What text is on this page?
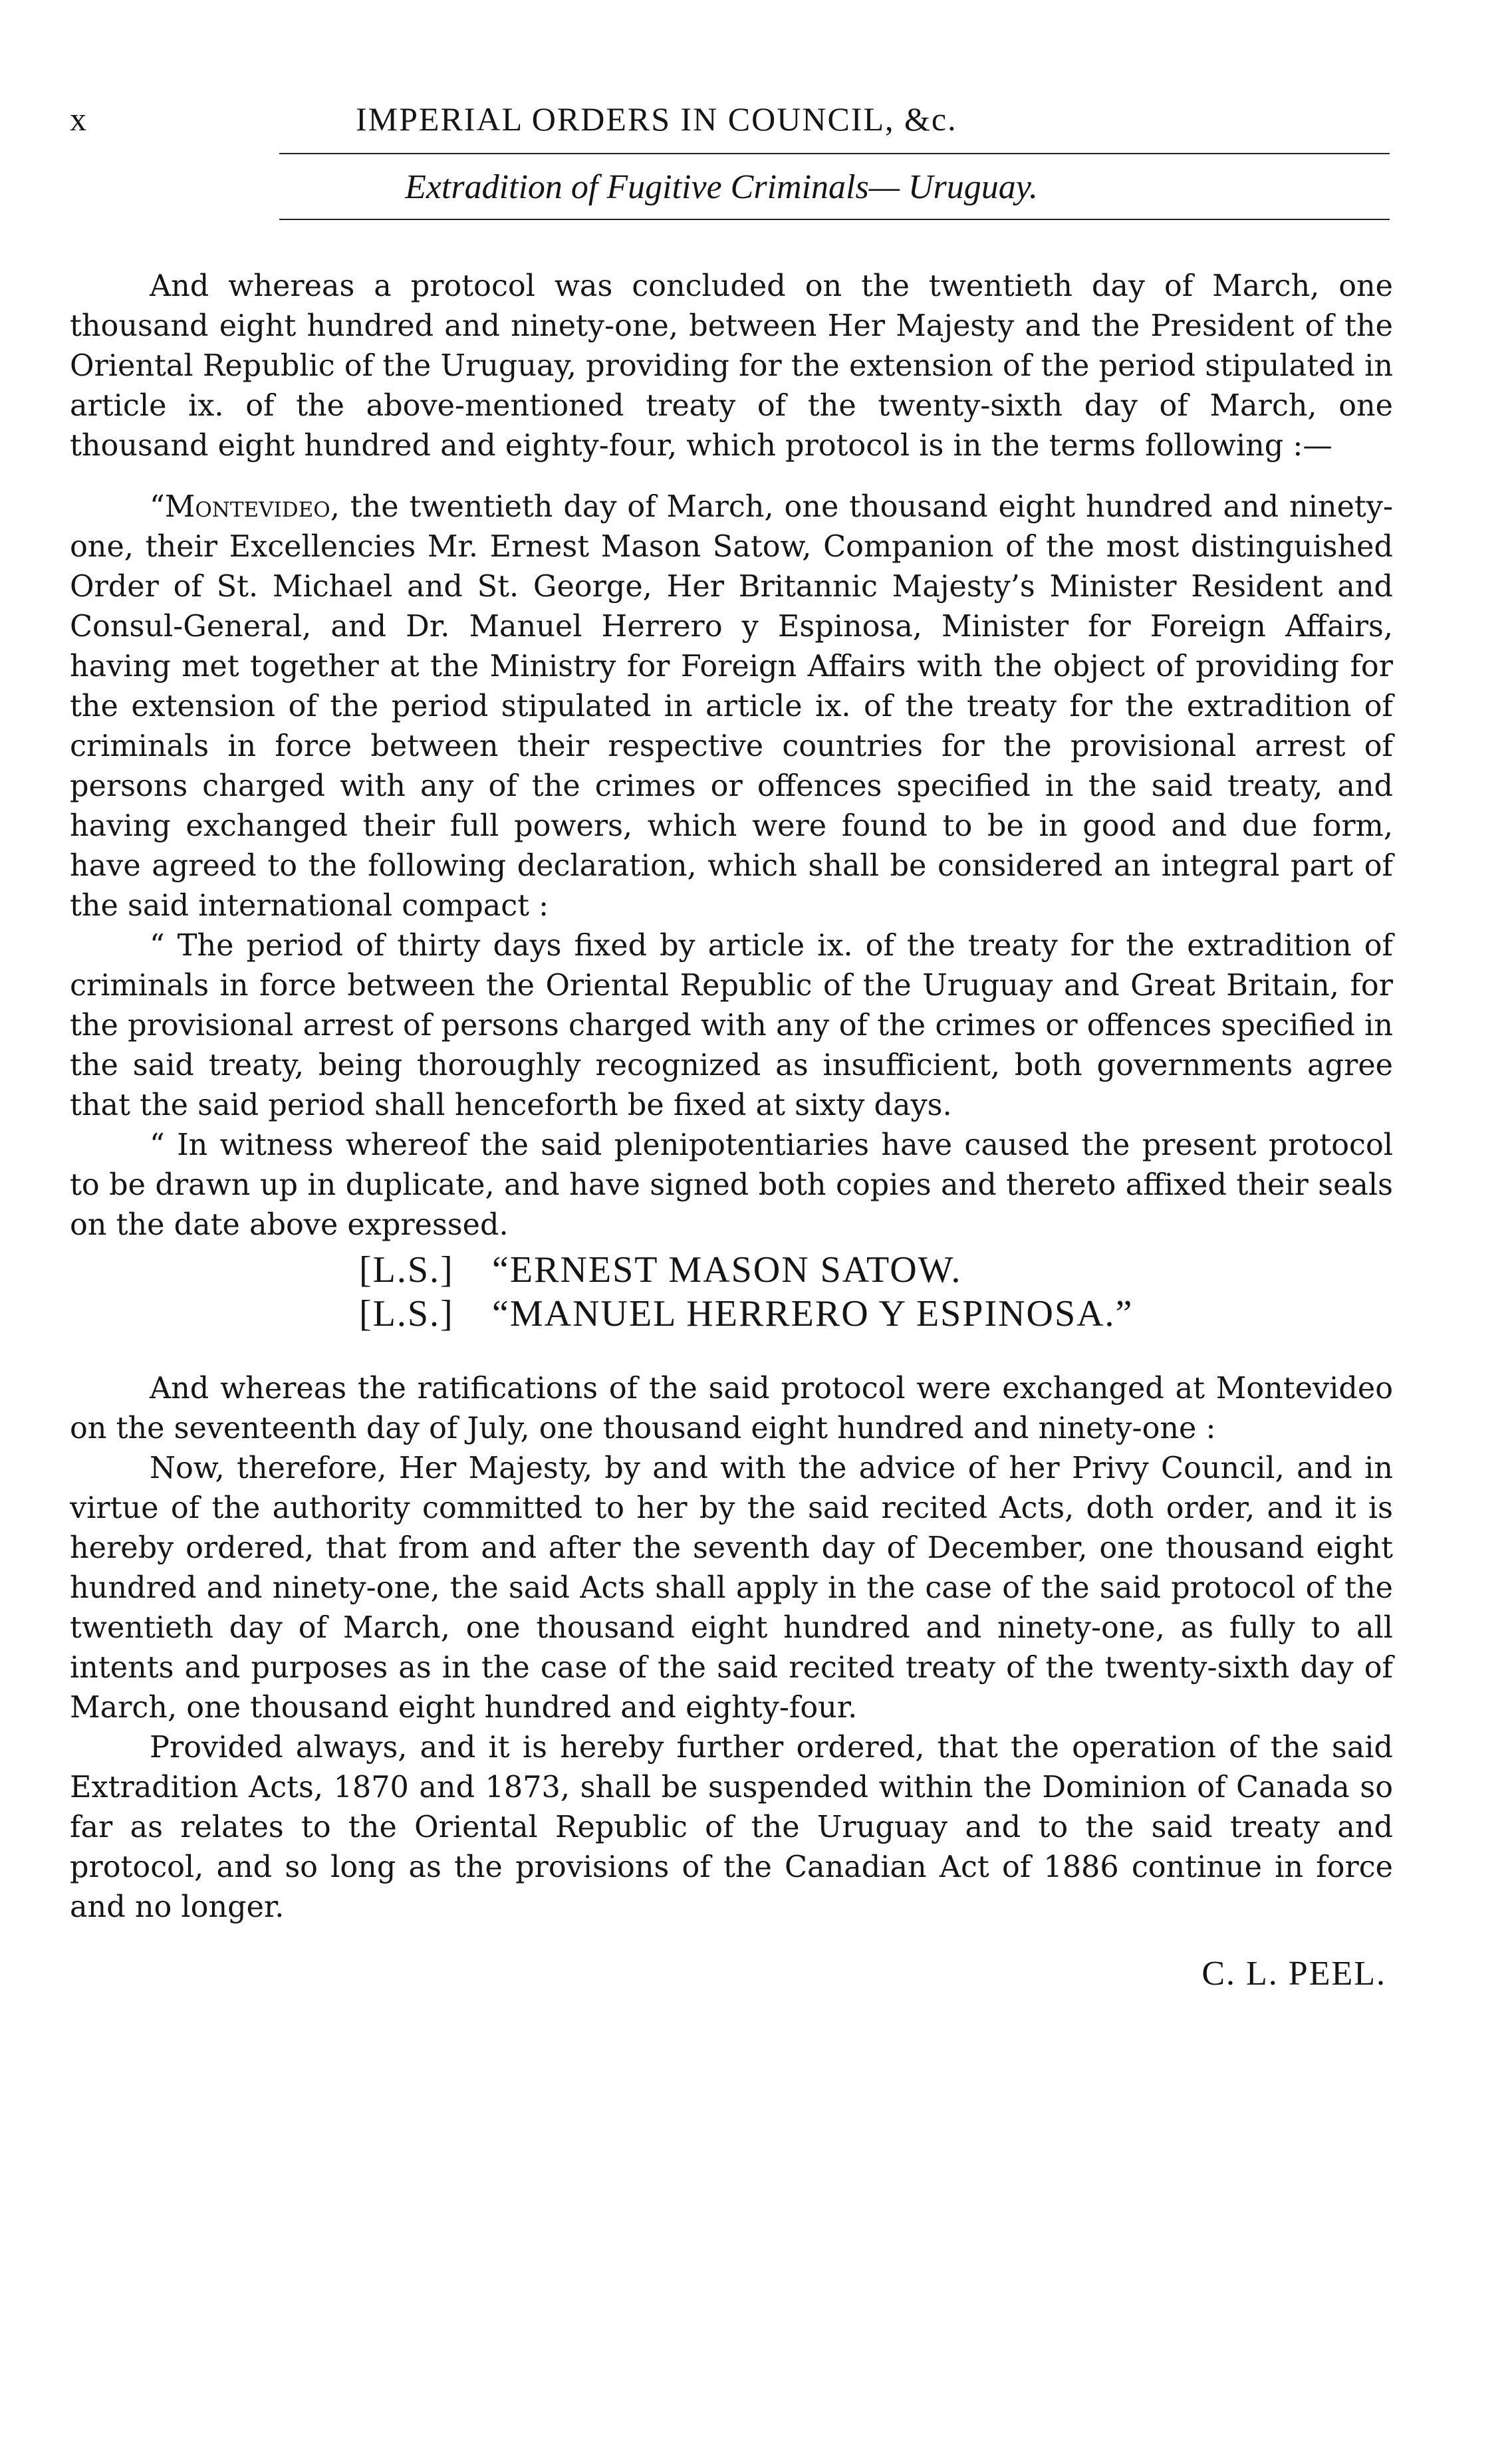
x	IMPERIAL ORDERS IN COUNCIL, &c.
Extradition of Fugitive Criminals— Uruguay.

And whereas a protocol was concluded on the twentieth day of March, one thousand eight hundred and ninety-one, between Her Majesty and the President of the Oriental Republic of the Uruguay, providing for the extension of the period stipulated in article ix. of the above-mentioned treaty of the twenty-sixth day of March, one thousand eight hundred and eighty-four, which protocol is in the terms following :—

“Montevideo, the twentieth day of March, one thousand eight hundred and ninety-one, their Excellencies Mr. Ernest Mason Satow, Companion of the most distinguished Order of St. Michael and St. George, Her Britannic Majesty’s Minister Resident and Consul-General, and Dr. Manuel Herrero y Espinosa, Minister for Foreign Affairs, having met together at the Ministry for Foreign Affairs with the object of providing for the extension of the period stipulated in article ix. of the treaty for the extradition of criminals in force between their respective countries for the provisional arrest of persons charged with any of the crimes or offences specified in the said treaty, and having exchanged their full powers, which were found to be in good and due form, have agreed to the following declaration, which shall be considered an integral part of the said international compact :

“ The period of thirty days fixed by article ix. of the treaty for the extradition of criminals in force between the Oriental Republic of the Uruguay and Great Britain, for the provisional arrest of persons charged with any of the crimes or offences specified in the said treaty, being thoroughly recognized as insufficient, both governments agree that the said period shall henceforth be fixed at sixty days.

“ In witness whereof the said plenipotentiaries have caused the present protocol to be drawn up in duplicate, and have signed both copies and thereto affixed their seals on the date above expressed.

[L.S.]	“ERNEST MASON SATOW.
[L.S.]	“MANUEL HERRERO Y ESPINOSA.”

And whereas the ratifications of the said protocol were exchanged at Montevideo on the seventeenth day of July, one thousand eight hundred and ninety-one :

Now, therefore, Her Majesty, by and with the advice of her Privy Council, and in virtue of the authority committed to her by the said recited Acts, doth order, and it is hereby ordered, that from and after the seventh day of December, one thousand eight hundred and ninety-one, the said Acts shall apply in the case of the said protocol of the twentieth day of March, one thousand eight hundred and ninety-one, as fully to all intents and purposes as in the case of the said recited treaty of the twenty-sixth day of March, one thousand eight hundred and eighty-four.

Provided always, and it is hereby further ordered, that the operation of the said Extradition Acts, 1870 and 1873, shall be suspended within the Dominion of Canada so far as relates to the Oriental Republic of the Uruguay and to the said treaty and protocol, and so long as the provisions of the Canadian Act of 1886 continue in force and no longer.

C. L. PEEL.
